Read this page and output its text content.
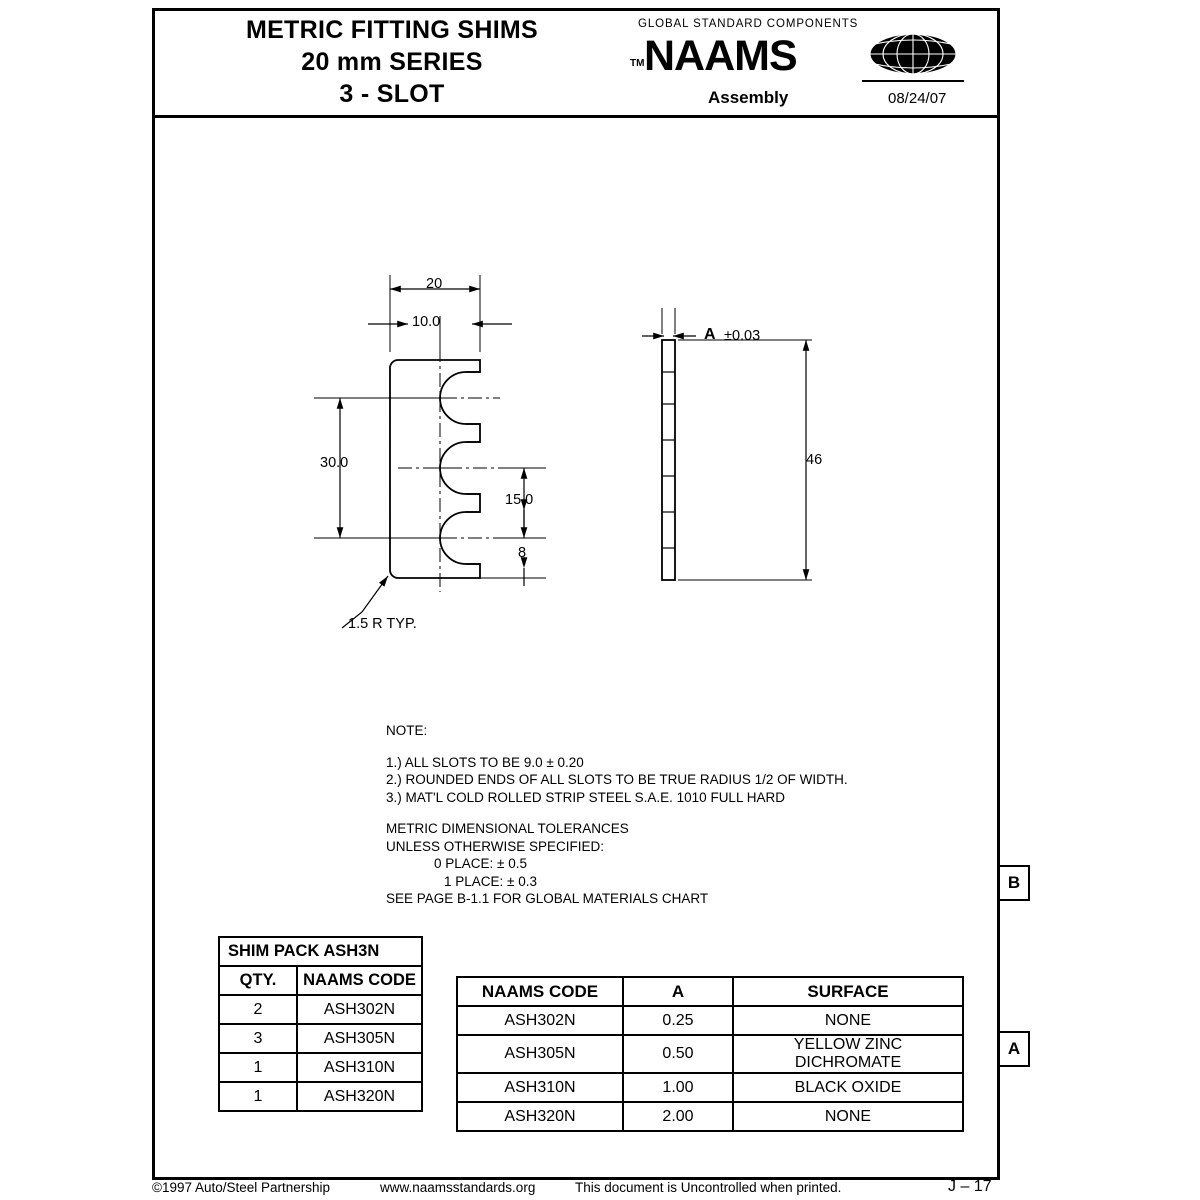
METRIC FITTING SHIMS
20 mm SERIES
3 - SLOT
GLOBAL STANDARD COMPONENTS
TM NAAMS
Assembly	08/24/07
20
10.0
30.0
15.0
8
1.5 R TYP.
A ±0.03
46
NOTE:
1.) ALL SLOTS TO BE 9.0 ± 0.20
2.) ROUNDED ENDS OF ALL SLOTS TO BE TRUE RADIUS 1/2 OF WIDTH.
3.) MAT'L COLD ROLLED STRIP STEEL S.A.E. 1010 FULL HARD
METRIC DIMENSIONAL TOLERANCES
UNLESS OTHERWISE SPECIFIED:
0 PLACE: ± 0.5
1 PLACE: ± 0.3
SEE PAGE B-1.1 FOR GLOBAL MATERIALS CHART
SHIM PACK ASH3N	
QTY.	NAAMS CODE
2	ASH302N
3	ASH305N
1	ASH310N
1	ASH320N
NAAMS CODE	A	SURFACE
ASH302N	0.25	NONE
ASH305N	0.50	YELLOW ZINC DICHROMATE
ASH310N	1.00	BLACK OXIDE
ASH320N	2.00	NONE
B
A
©1997 Auto/Steel Partnership	www.naamsstandards.org	This document is Uncontrolled when printed.	J – 17
